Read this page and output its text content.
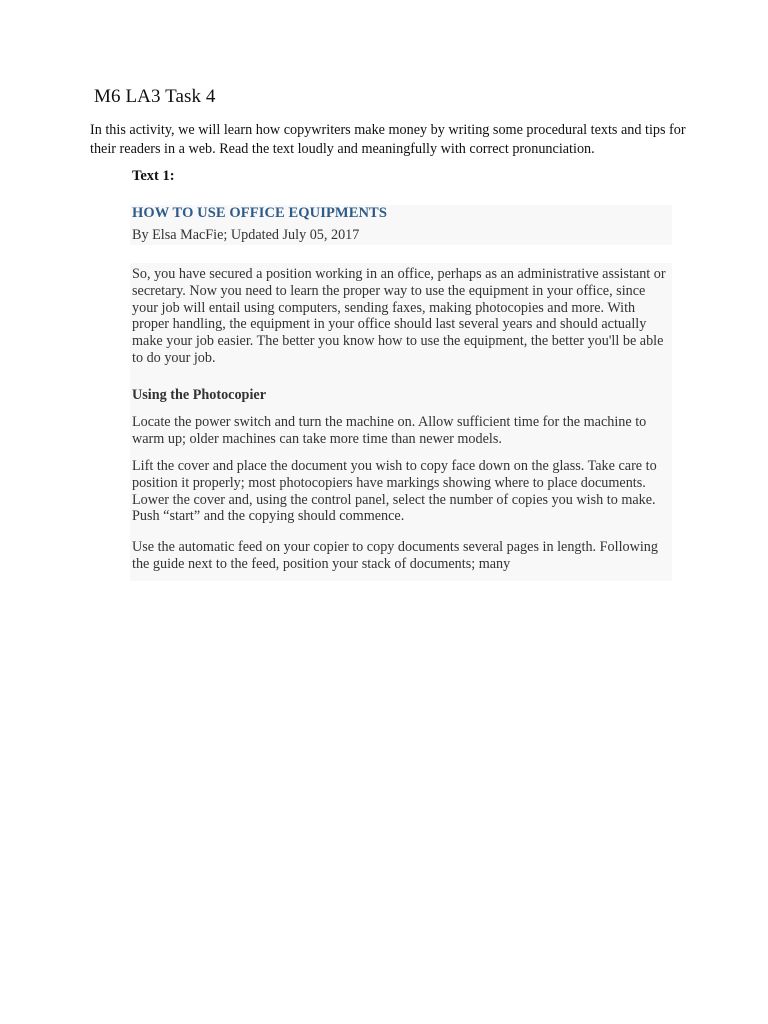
M6 LA3 Task 4

In this activity, we will learn how copywriters make money by writing some procedural texts and tips for their readers in a web. Read the text loudly and meaningfully with correct pronunciation.

Text 1:

HOW TO USE OFFICE EQUIPMENTS

By Elsa MacFie; Updated July 05, 2017

So, you have secured a position working in an office, perhaps as an administrative assistant or secretary. Now you need to learn the proper way to use the equipment in your office, since your job will entail using computers, sending faxes, making photocopies and more. With proper handling, the equipment in your office should last several years and should actually make your job easier. The better you know how to use the equipment, the better you'll be able to do your job.

Using the Photocopier

Locate the power switch and turn the machine on. Allow sufficient time for the machine to warm up; older machines can take more time than newer models.

Lift the cover and place the document you wish to copy face down on the glass. Take care to position it properly; most photocopiers have markings showing where to place documents. Lower the cover and, using the control panel, select the number of copies you wish to make. Push “start” and the copying should commence.

Use the automatic feed on your copier to copy documents several pages in length. Following the guide next to the feed, position your stack of documents; many
